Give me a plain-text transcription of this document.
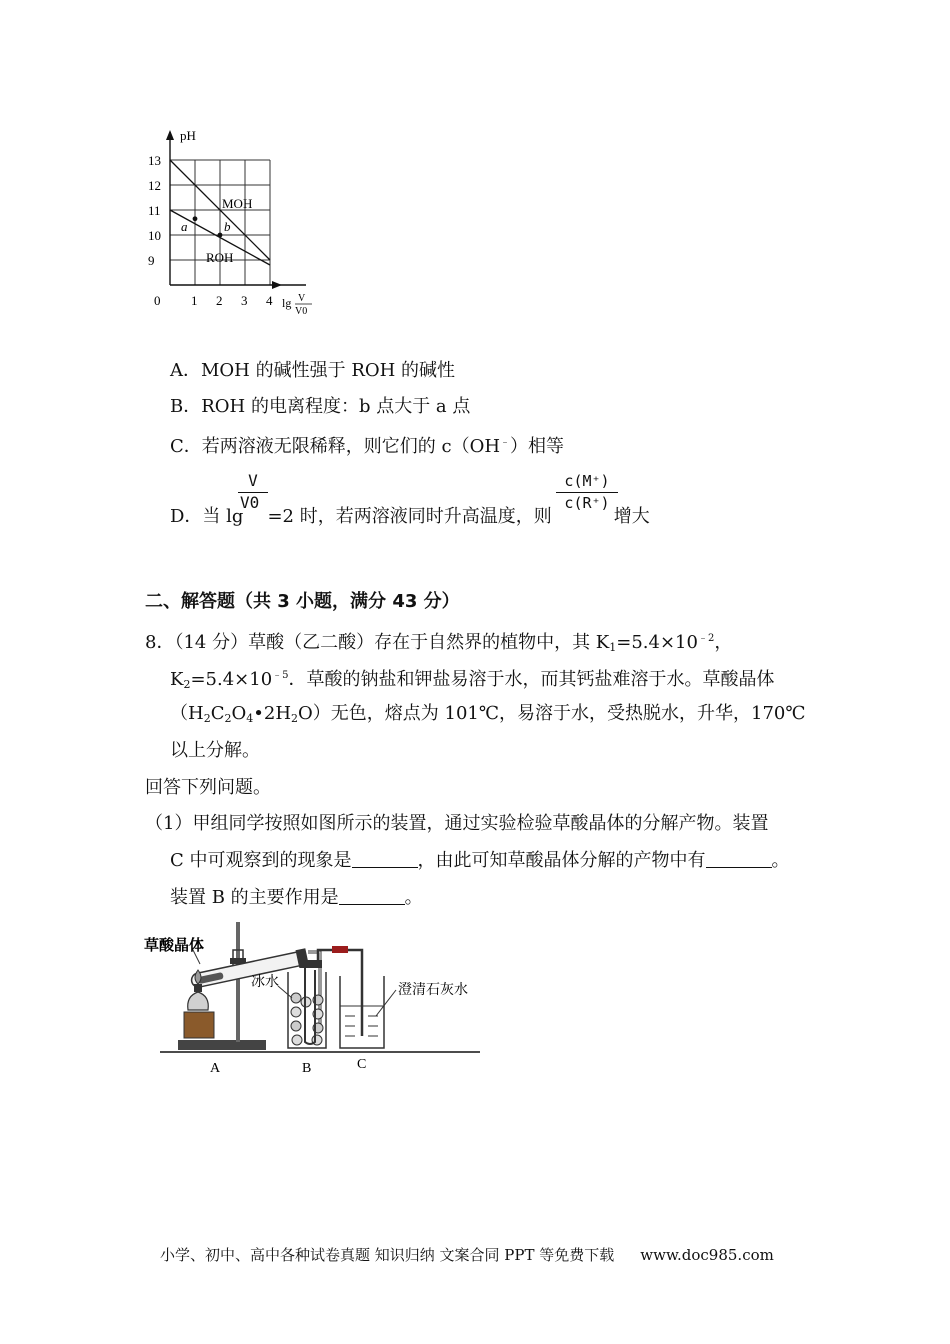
MOH
ROH
a	b
9
10
11
12
13
0 1 2 3 4
pH
lg V
V0
A．MOH 的碱性强于 ROH 的碱性
B．ROH 的电离程度：b 点大于 a 点
C．若两溶液无限稀释，则它们的 c（OH﹣）相等
D．当 lg =2 时，若两溶液同时升高温度，则	增大
V
V0
c(M⁺)
c(R⁺)
二、解答题（共 3 小题，满分 43 分）
8．（14 分）草酸（乙二酸）存在于自然界的植物中，其 $K_1=5.4\times 10^{﹣2}$，
$K_2=5.4\times 10^{﹣5}$．草酸的钠盐和钾盐易溶于水，而其钙盐难溶于水。草酸晶体
$(H_2C_2O_4•2H_2O)$无色，熔点为 101℃，易溶于水，受热脱水，升华，170℃
以上分解。
回答下列问题。
（1）甲组同学按照如图所示的装置，通过实验检验草酸晶体的分解产物。装置
C 中可观察到的现象是	，由此可知草酸晶体分解的产物中有	。
装置 B 的主要作用是	。
草酸晶体
冰水
澄清石灰水
A	B	C
小学、初中、高中各种试卷真题 知识归纳 文案合同 PPT 等免费下载 www.doc985.com
